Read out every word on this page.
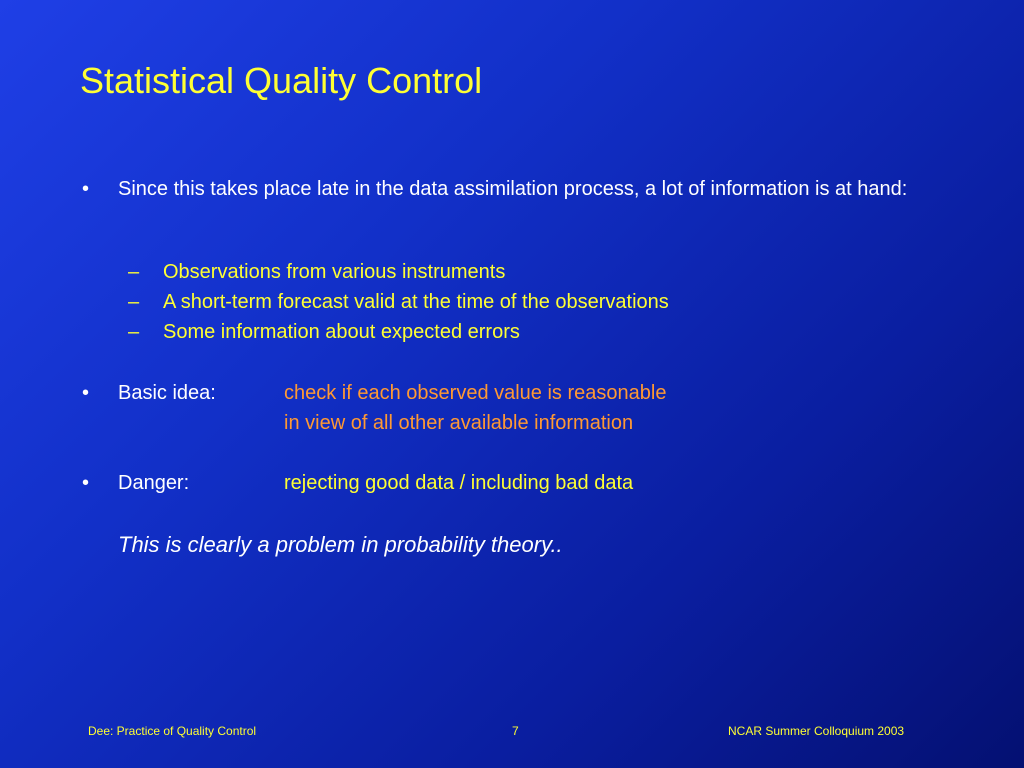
Statistical Quality Control
• Since this takes place late in the data assimilation process, a lot of information is at hand:
– Observations from various instruments
– A short-term forecast valid at the time of the observations
– Some information about expected errors
• Basic idea:	check if each observed value is reasonable
in view of all other available information
• Danger:	rejecting good data / including bad data
This is clearly a problem in probability theory..
Dee: Practice of Quality Control	7	NCAR Summer Colloquium 2003
